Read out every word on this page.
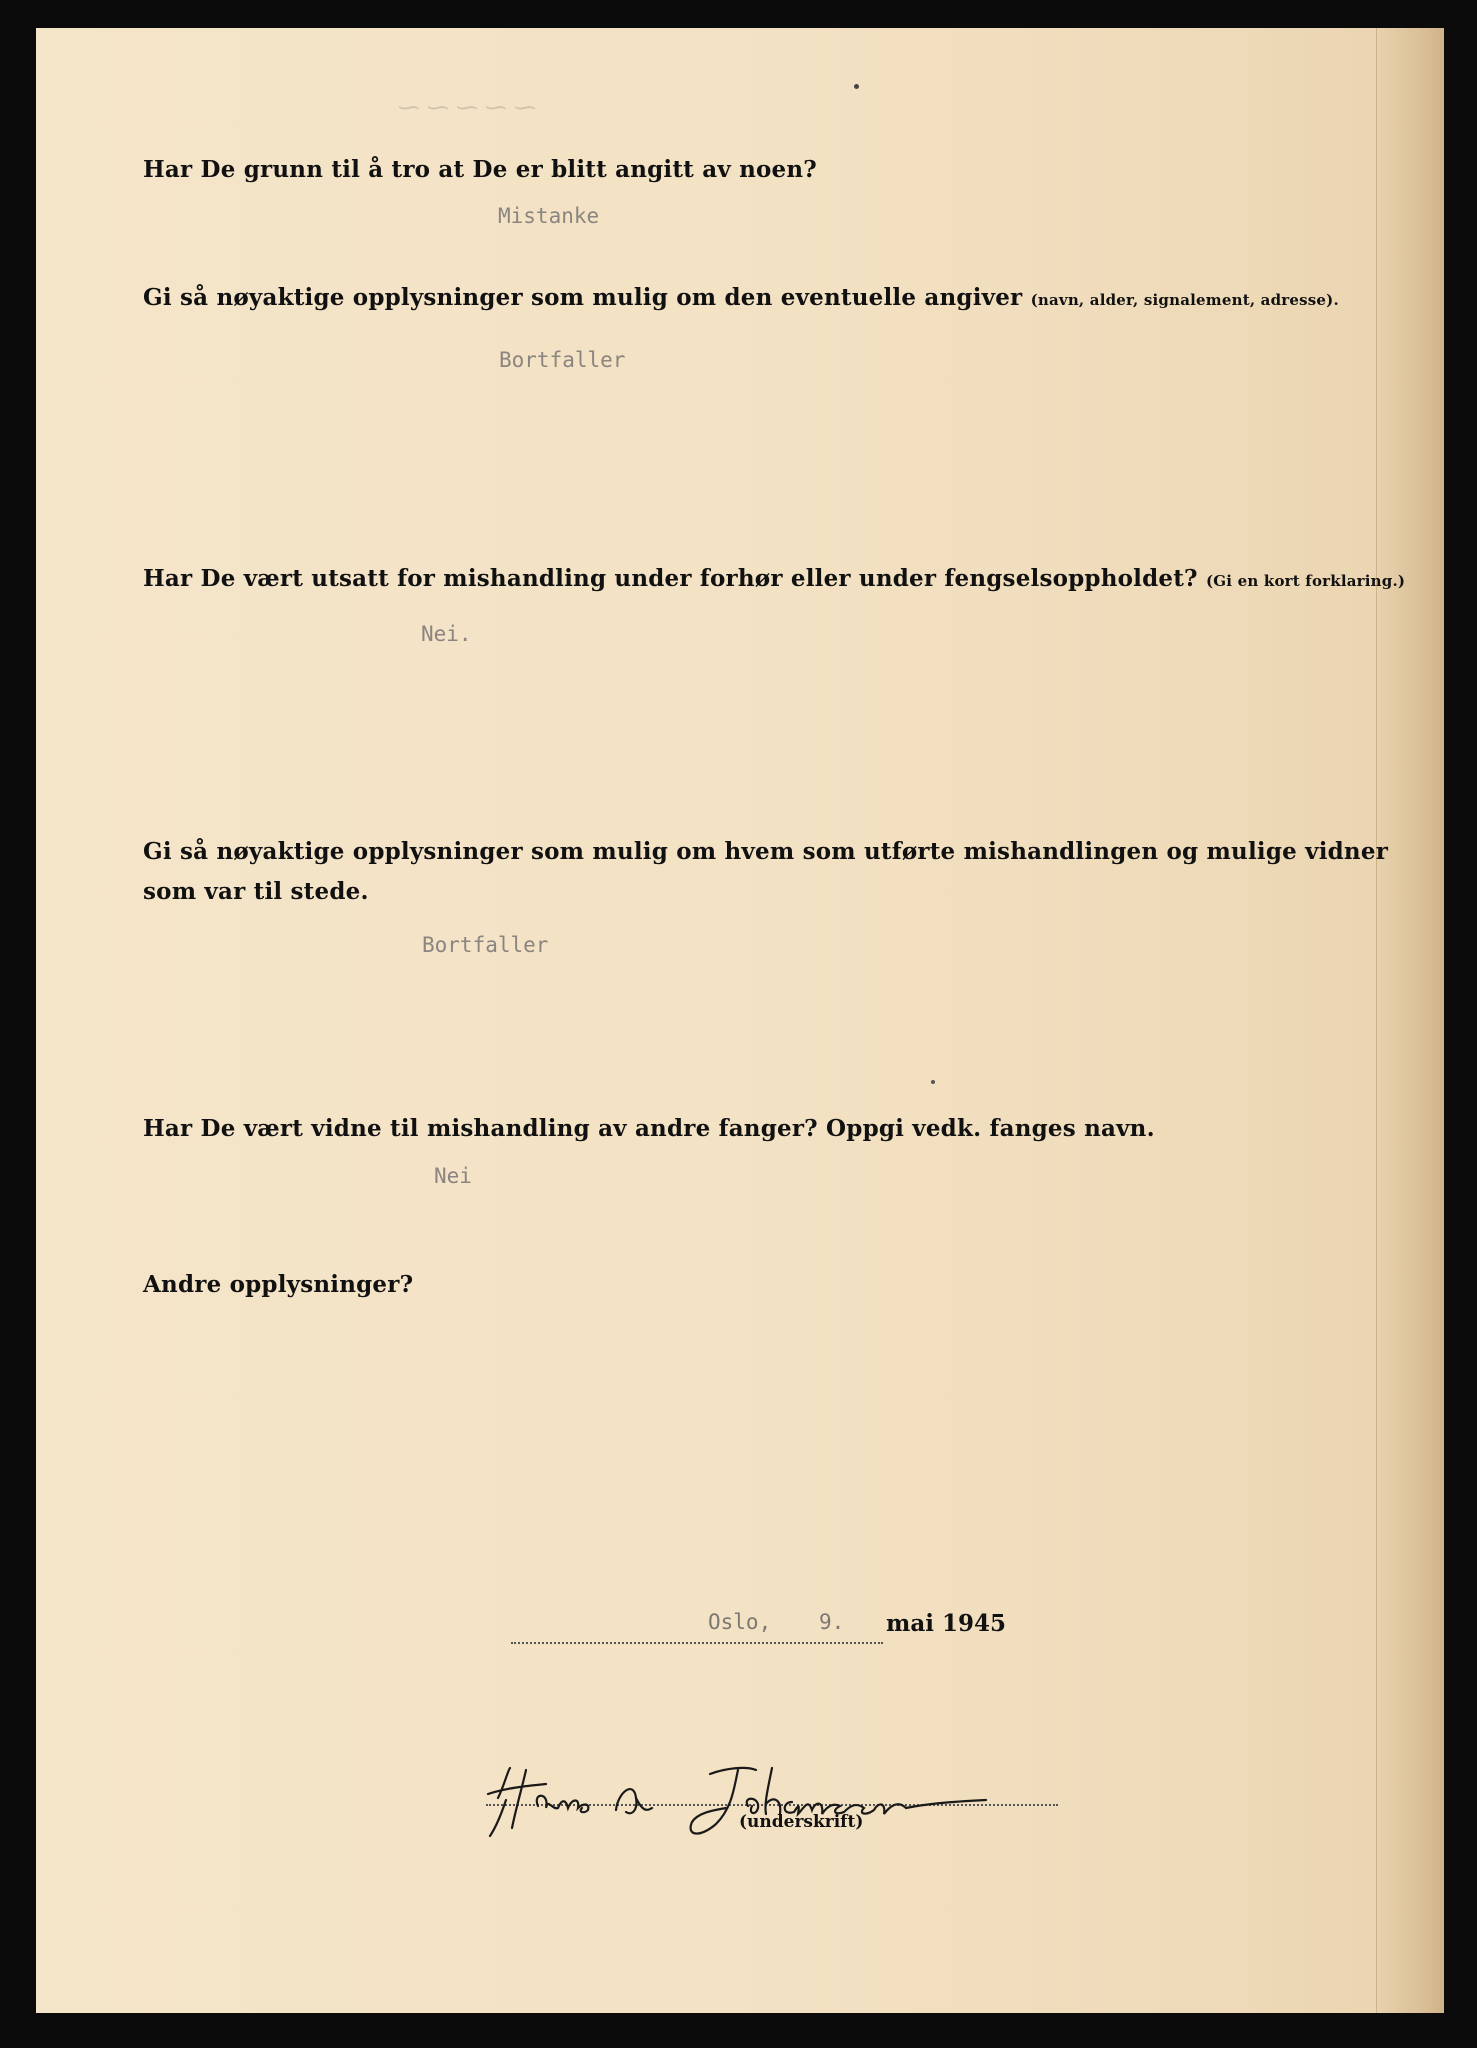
⁓ ⁓ ⁓ ⁓ ⁓
Har De grunn til å tro at De er blitt angitt av noen?
Mistanke
Gi så nøyaktige opplysninger som mulig om den eventuelle angiver (navn, alder, signalement, adresse).
Bortfaller
Har De vært utsatt for mishandling under forhør eller under fengselsoppholdet? (Gi en kort forklaring.)
Nei.
Gi så nøyaktige opplysninger som mulig om hvem som utførte mishandlingen og mulige vidner
som var til stede.
Bortfaller
Har De vært vidne til mishandling av andre fanger? Oppgi vedk. fanges navn.
Nei
Andre opplysninger?
Oslo, 9. mai 1945
Hans A. Johansen
(underskrift)
